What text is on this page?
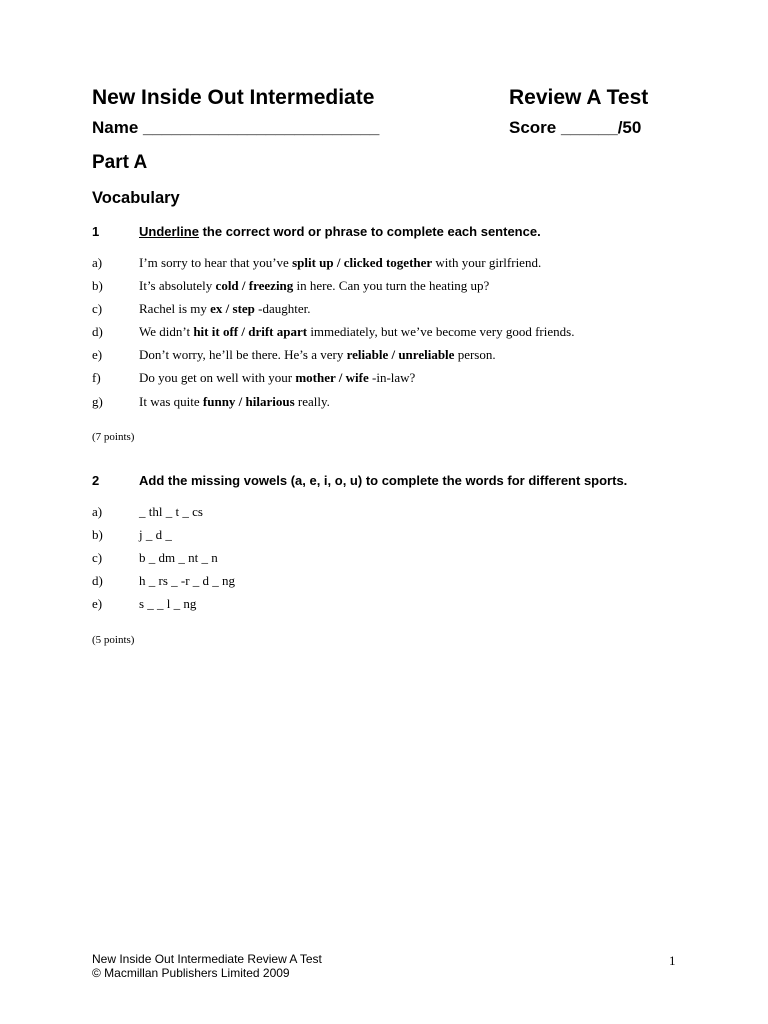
New Inside Out Intermediate	Review A Test
Name _________________________	Score ______/50
Part A
Vocabulary
1	Underline the correct word or phrase to complete each sentence.
a)	I’m sorry to hear that you’ve split up / clicked together with your girlfriend.
b)	It’s absolutely cold / freezing in here. Can you turn the heating up?
c)	Rachel is my ex / step -daughter.
d)	We didn’t hit it off / drift apart immediately, but we’ve become very good friends.
e)	Don’t worry, he’ll be there. He’s a very reliable / unreliable person.
f)	Do you get on well with your mother / wife -in-law?
g)	It was quite funny / hilarious really.
(7 points)
2	Add the missing vowels (a, e, i, o, u) to complete the words for different sports.
a)	_ thl _ t _ cs
b)	j _ d _
c)	b _ dm _ nt _ n
d)	h _ rs _ -r _ d _ ng
e)	s _ _ l _ ng
(5 points)
New Inside Out Intermediate Review A Test
© Macmillan Publishers Limited 2009
1
